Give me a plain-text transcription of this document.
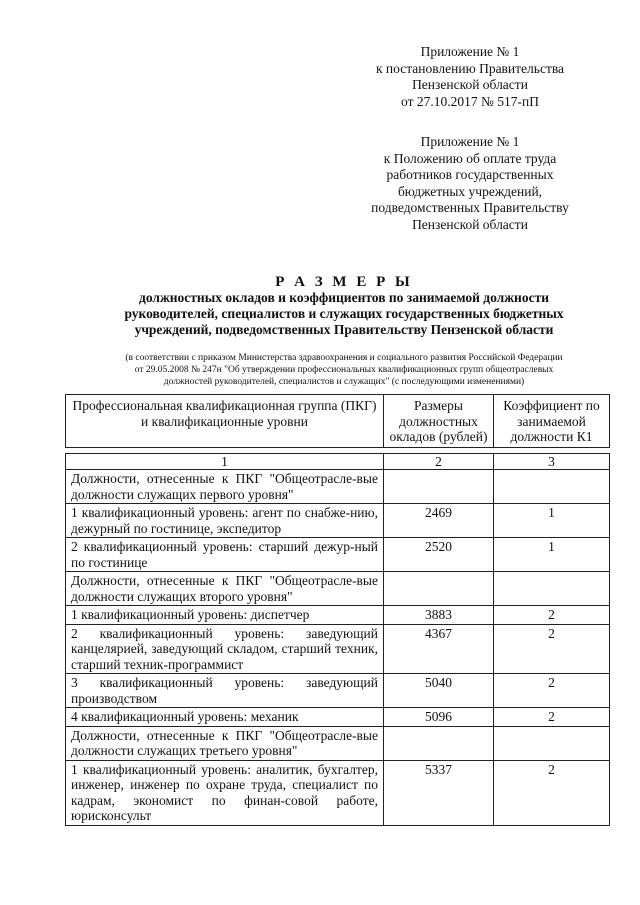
Приложение № 1
к постановлению Правительства
Пензенской области
от 27.10.2017 № 517-пП
Приложение № 1
к Положению об оплате труда
работников государственных
бюджетных учреждений,
подведомственных Правительству
Пензенской области
Р А З М Е Р Ы
должностных окладов и коэффициентов по занимаемой должности
руководителей, специалистов и служащих государственных бюджетных
учреждений, подведомственных Правительству Пензенской области
(в соответствии с приказом Министерства здравоохранения и социального развития Российской Федерации
от 29.05.2008 № 247н "Об утверждении профессиональных квалификационных групп общеотраслевых
должностей руководителей, специалистов и служащих" (с последующими изменениями)
Профессиональная квалификационная группа (ПКГ) и квалификационные уровни	Размеры должностных окладов (рублей)	Коэффициент по занимаемой должности К1

1	2	3
Должности, отнесенные к ПКГ "Общеотрасле-вые должности служащих первого уровня"		
1 квалификационный уровень: агент по снабже-нию, дежурный по гостинице, экспедитор	2469	1
2 квалификационный уровень: старший дежур-ный по гостинице	2520	1
Должности, отнесенные к ПКГ "Общеотрасле-вые должности служащих второго уровня"		
1 квалификационный уровень: диспетчер	3883	2
2 квалификационный уровень: заведующий канцелярией, заведующий складом, старший техник, старший техник-программист	4367	2
3 квалификационный уровень: заведующий производством	5040	2
4 квалификационный уровень: механик	5096	2
Должности, отнесенные к ПКГ "Общеотрасле-вые должности служащих третьего уровня"		
1 квалификационный уровень: аналитик, бухгалтер, инженер, инженер по охране труда, специалист по кадрам, экономист по финан-совой работе, юрисконсульт	5337	2
